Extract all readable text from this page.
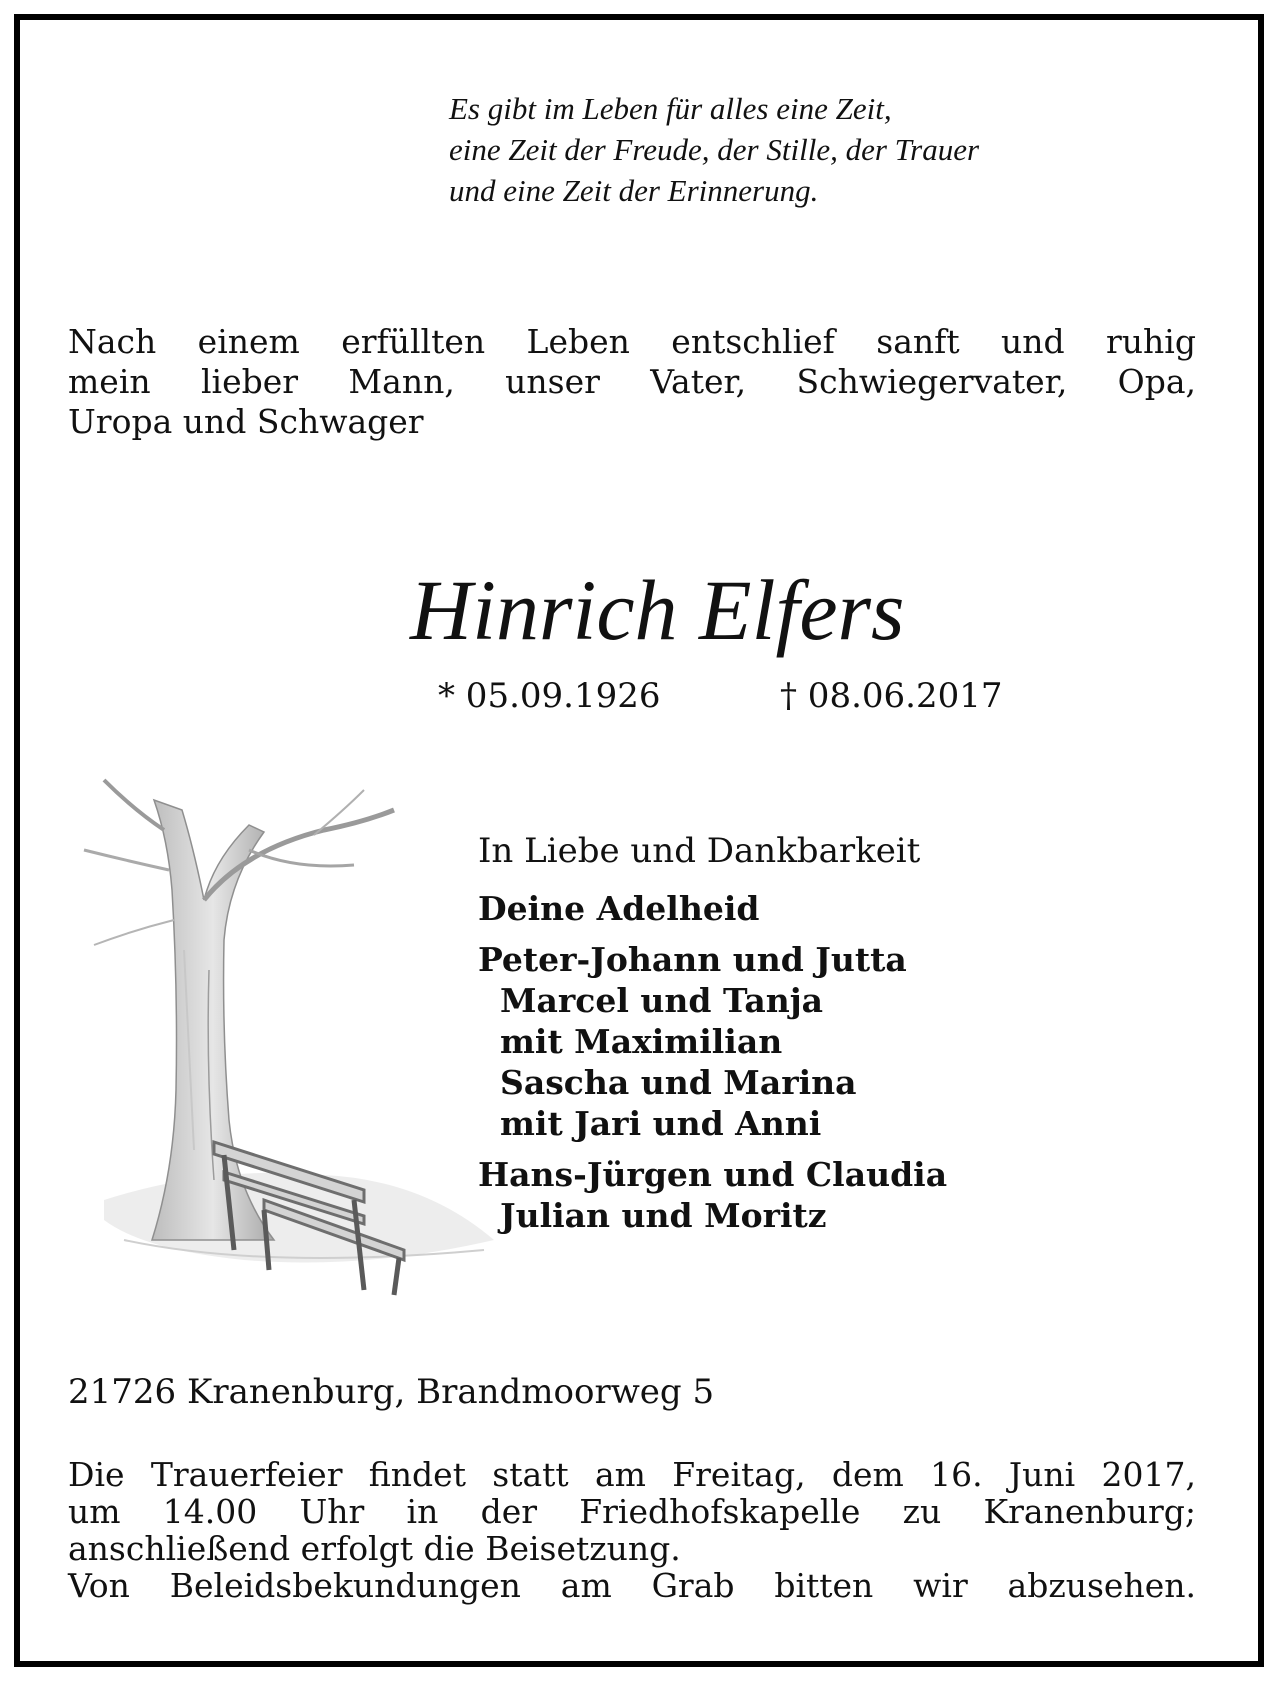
Es gibt im Leben für alles eine Zeit,
eine Zeit der Freude, der Stille, der Trauer
und eine Zeit der Erinnerung.
Nach einem erfüllten Leben entschlief sanft und ruhig
mein lieber Mann, unser Vater, Schwiegervater, Opa,
Uropa und Schwager
Hinrich Elfers
* 05.09.1926	† 08.06.2017
In Liebe und Dankbarkeit
Deine Adelheid
Peter-Johann und Jutta
Marcel und Tanja
mit Maximilian
Sascha und Marina
mit Jari und Anni
Hans-Jürgen und Claudia
Julian und Moritz
21726 Kranenburg, Brandmoorweg 5
Die Trauerfeier findet statt am Freitag, dem 16. Juni 2017,
um 14.00 Uhr in der Friedhofskapelle zu Kranenburg;
anschließend erfolgt die Beisetzung.
Von Beleidsbekundungen am Grab bitten wir abzusehen.
